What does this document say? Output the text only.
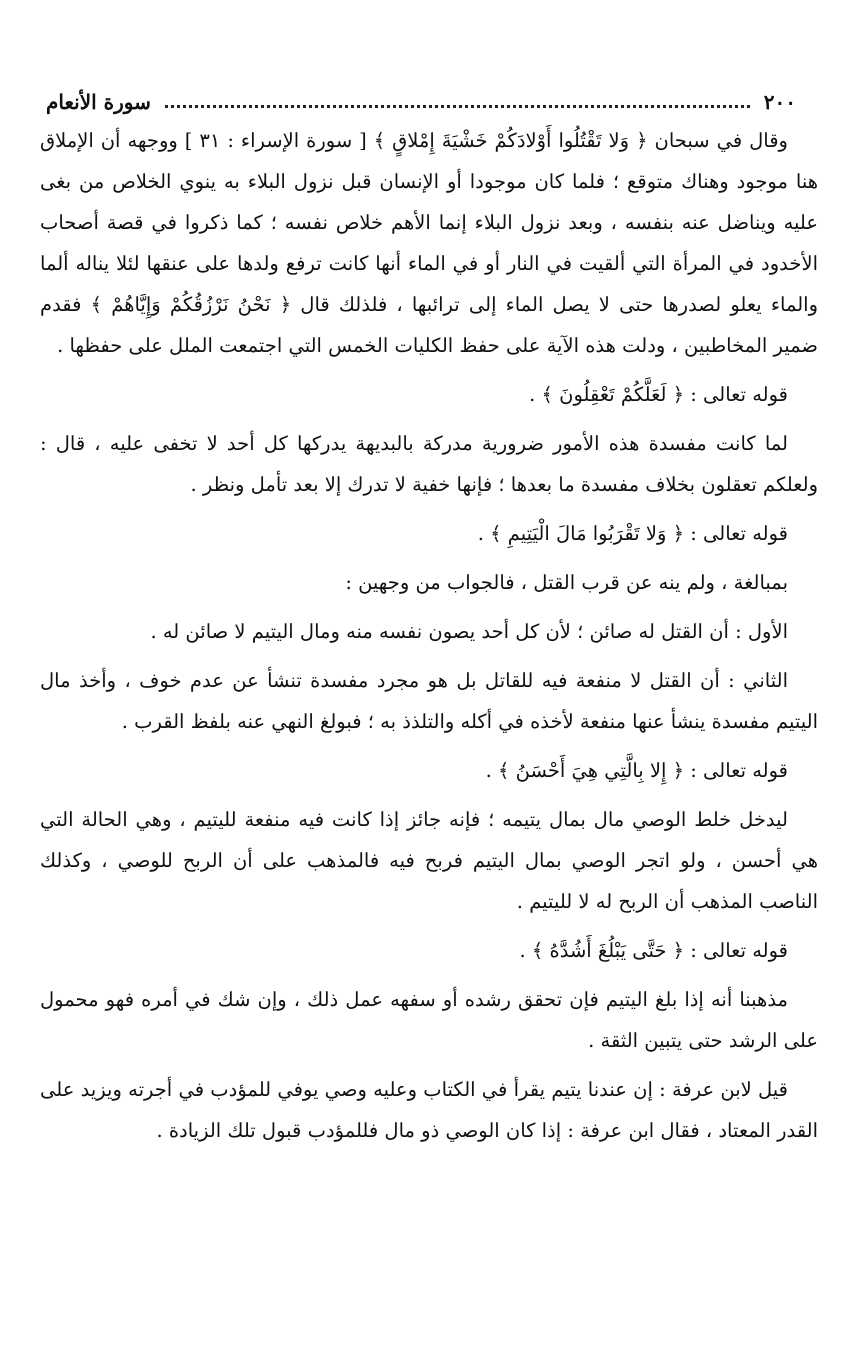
٢٠٠
سورة الأنعام

وقال في سبحان ﴿ وَلا تَقْتُلُوا أَوْلادَكُمْ خَشْيَةَ إِمْلاقٍ ﴾ [ سورة الإسراء : ٣١ ] ووجهه أن الإملاق هنا موجود وهناك متوقع ؛ فلما كان موجودا أو الإنسان قبل نزول البلاء به ينوي الخلاص من بغى عليه ويناضل عنه بنفسه ، وبعد نزول البلاء إنما الأهم خلاص نفسه ؛ كما ذكروا في قصة أصحاب الأخدود في المرأة التي ألقيت في النار أو في الماء أنها كانت ترفع ولدها على عنقها لئلا يناله ألما والماء يعلو لصدرها حتى لا يصل الماء إلى ترائبها ، فلذلك قال ﴿ نَحْنُ نَرْزُقُكُمْ وَإِيَّاهُمْ ﴾ فقدم ضمير المخاطبين ، ودلت هذه الآية على حفظ الكليات الخمس التي اجتمعت الملل على حفظها .

قوله تعالى : ﴿ لَعَلَّكُمْ تَعْقِلُونَ ﴾ .

لما كانت مفسدة هذه الأمور ضرورية مدركة بالبديهة يدركها كل أحد لا تخفى عليه ، قال : ولعلكم تعقلون بخلاف مفسدة ما بعدها ؛ فإنها خفية لا تدرك إلا بعد تأمل ونظر .

قوله تعالى : ﴿ وَلا تَقْرَبُوا مَالَ الْيَتِيمِ ﴾ .

بمبالغة ، ولم ينه عن قرب القتل ، فالجواب من وجهين :

الأول : أن القتل له صائن ؛ لأن كل أحد يصون نفسه منه ومال اليتيم لا صائن له .

الثاني : أن القتل لا منفعة فيه للقاتل بل هو مجرد مفسدة تنشأ عن عدم خوف ، وأخذ مال اليتيم مفسدة ينشأ عنها منفعة لأخذه في أكله والتلذذ به ؛ فبولغ النهي عنه بلفظ القرب .

قوله تعالى : ﴿ إِلا بِالَّتِي هِيَ أَحْسَنُ ﴾ .

ليدخل خلط الوصي مال بمال يتيمه ؛ فإنه جائز إذا كانت فيه منفعة لليتيم ، وهي الحالة التي هي أحسن ، ولو اتجر الوصي بمال اليتيم فربح فيه فالمذهب على أن الربح للوصي ، وكذلك الناصب المذهب أن الربح له لا لليتيم .

قوله تعالى : ﴿ حَتَّى يَبْلُغَ أَشُدَّهُ ﴾ .

مذهبنا أنه إذا بلغ اليتيم فإن تحقق رشده أو سفهه عمل ذلك ، وإن شك في أمره فهو محمول على الرشد حتى يتبين الثقة .

قيل لابن عرفة : إن عندنا يتيم يقرأ في الكتاب وعليه وصي يوفي للمؤدب في أجرته ويزيد على القدر المعتاد ، فقال ابن عرفة : إذا كان الوصي ذو مال فللمؤدب قبول تلك الزيادة .
